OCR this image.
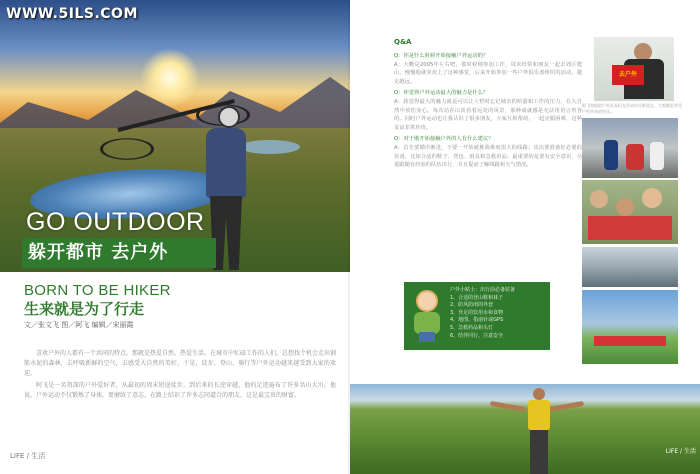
WWW.5ILS.COM
GO OUTDOOR
躲开都市 去户外
BORN TO BE HIKER
生来就是为了行走
文／张文飞 图／阿飞 编辑／宋丽霞

喜欢户外的人都有一个共同的特点，那就是热爱自然、热爱生活。在城市中忙碌工作的人们，总想找个机会走出钢筋水泥的森林，去呼吸新鲜的空气，去感受大自然的美好。于是，徒步、登山、骑行等户外运动越来越受到大家的欢迎。

阿飞是一名资深的户外爱好者，从最初的周末短途徒步，到后来的长途穿越，他的足迹遍布了许多名山大川。他说，户外运动不仅锻炼了身体，更磨练了意志，在路上结识了许多志同道合的朋友，这是最宝贵的财富。

LIFE / 生活
Q&A
Q：你是什么时候开始接触户外运动的？
A：大概是2005年左右吧，那时候刚参加工作，周末经常和朋友一起去郊区爬山，慢慢地就喜欢上了这种感觉，后来开始参加一些户外俱乐部组织的活动，越走越远。
Q：你觉得户外运动最大的魅力是什么？
A：我觉得最大的魅力就是可以让人暂时忘记城市的喧嚣和工作的压力，在大自然中放松身心。每次站在山顶看着远处的风景，那种成就感是无法用语言形容的。同时户外运动也让我认识了很多朋友，大家互相帮助，一起克服困难，这种友谊非常珍贵。
Q：对于刚开始接触户外的人有什么建议？
A：首先要循序渐进，不要一开始就挑战难度很大的线路；其次要准备好必要的装备，比如合适的鞋子、背包、雨具和急救用品；最重要的是要有安全意识，尽量跟随有经验的队伍出行，并且提前了解线路和天气情况。
去户外
阿飞和他的户外队友们在活动中合影留念，大家都很享受户外带来的快乐。
户外小贴士：出行前必备装备
1、合适的登山鞋和袜子
2、防风防雨的外套
3、充足的饮用水和食物
4、地图、指南针或GPS
5、急救药品和头灯
6、结伴同行，注意安全
LIFE / 生活
